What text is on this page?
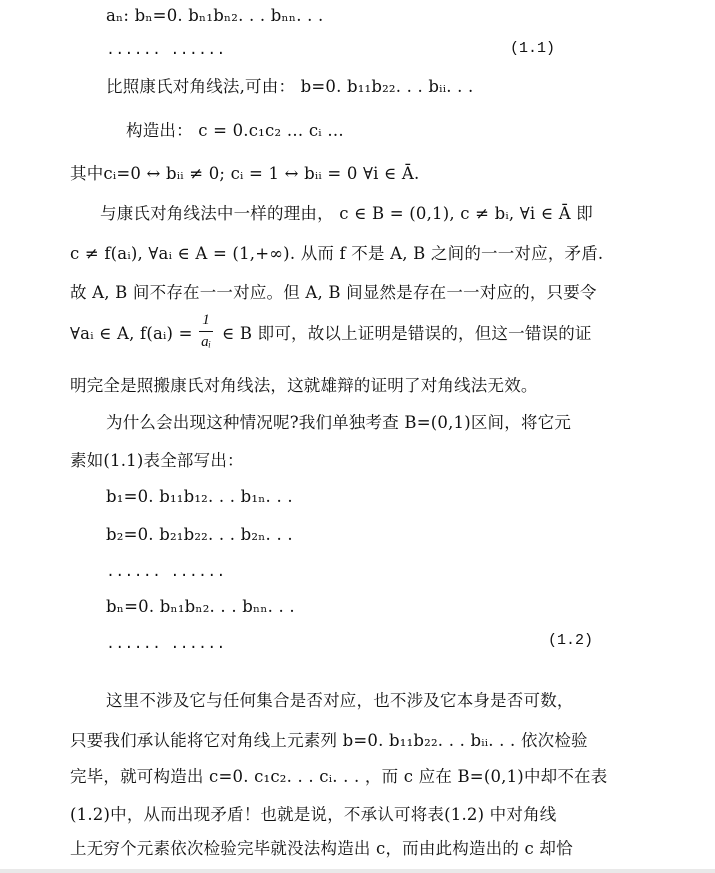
aₙ: bₙ=0. bₙ₁bₙ₂. . . bₙₙ. . .
...... ......	(1.1)
比照康氏对角线法,可由： b=0. b₁₁b₂₂. . . bᵢᵢ. . .
构造出： c = 0.c₁c₂ … cᵢ …
其中cᵢ=0 ↔ bᵢᵢ ≠ 0; cᵢ = 1 ↔ bᵢᵢ = 0 ∀i ∈ Ā.
与康氏对角线法中一样的理由， c ∈ B = (0,1), c ≠ bᵢ, ∀i ∈ Ā 即
c ≠ f(aᵢ), ∀aᵢ ∈ A = (1,+∞). 从而 f 不是 A, B 之间的一一对应，矛盾.
故 A, B 间不存在一一对应。但 A, B 间显然是存在一一对应的，只要令
∀aᵢ ∈ A, f(aᵢ) =
1
aᵢ ∈ B 即可，故以上证明是错误的，但这一错误的证
明完全是照搬康氏对角线法，这就雄辩的证明了对角线法无效。
为什么会出现这种情况呢?我们单独考查 B=(0,1)区间，将它元
素如(1.1)表全部写出：
b₁=0. b₁₁b₁₂. . . b₁ₙ. . .
b₂=0. b₂₁b₂₂. . . b₂ₙ. . .
...... ......
bₙ=0. bₙ₁bₙ₂. . . bₙₙ. . .
...... ......	(1.2)
这里不涉及它与任何集合是否对应，也不涉及它本身是否可数，
只要我们承认能将它对角线上元素列 b=0. b₁₁b₂₂. . . bᵢᵢ. . . 依次检验
完毕，就可构造出 c=0. c₁c₂. . . cᵢ. . . ，而 c 应在 B=(0,1)中却不在表
(1.2)中，从而出现矛盾！也就是说，不承认可将表(1.2) 中对角线
上无穷个元素依次检验完毕就没法构造出 c，而由此构造出的 c 却恰
